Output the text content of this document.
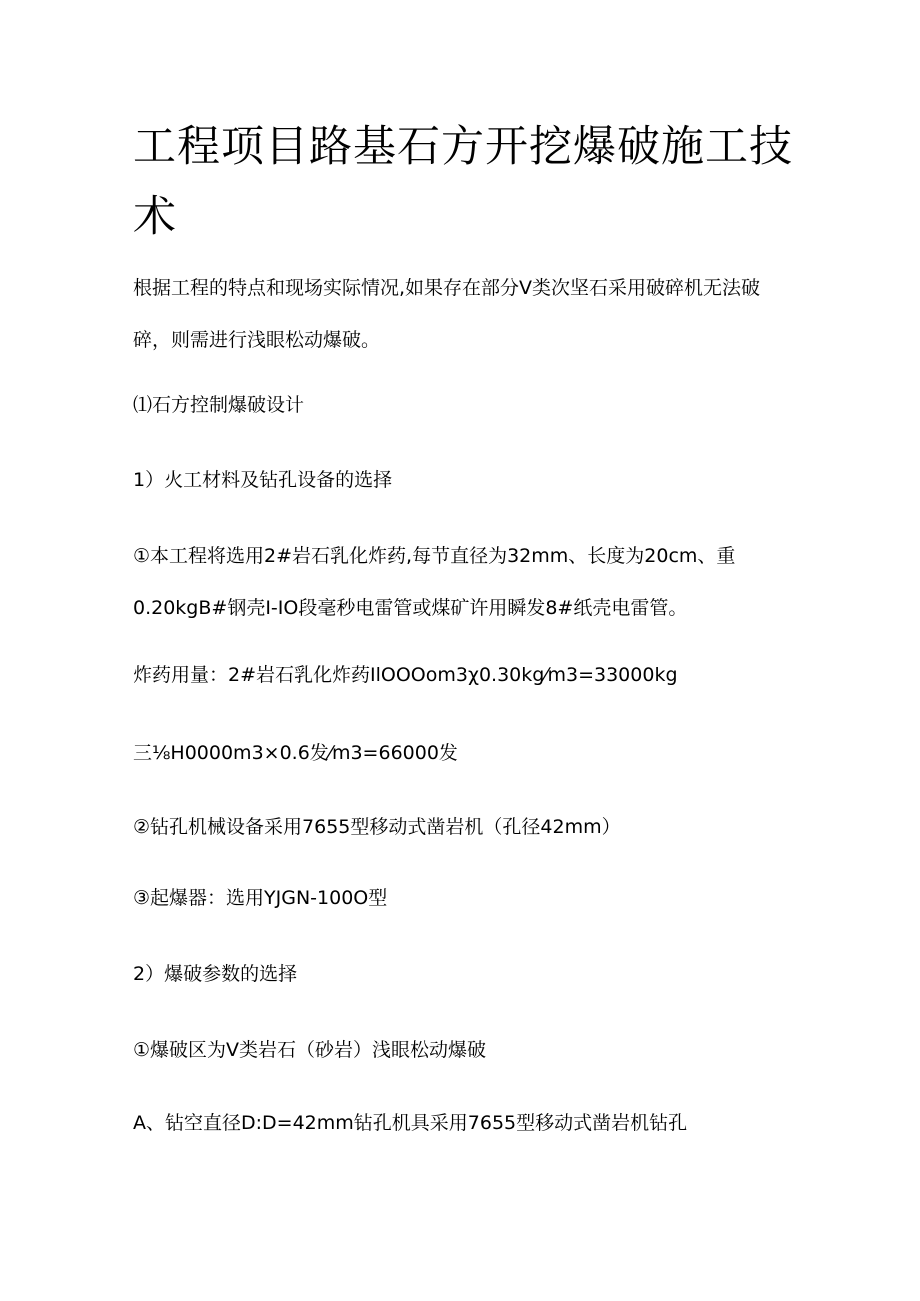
工程项目路基石方开挖爆破施工技术

根据工程的特点和现场实际情况,如果存在部分Ⅴ类次坚石采用破碎机无法破碎，则需进行浅眼松动爆破。

⑴石方控制爆破设计

1）火工材料及钻孔设备的选择

①本工程将选用2#岩石乳化炸药,每节直径为32mm、长度为20cm、重0.20kgB#钢壳I-IO段毫秒电雷管或煤矿许用瞬发8#纸壳电雷管。

炸药用量：2#岩石乳化炸药IlOOOom3χ0.30kg⁄m3=33000kg

三⅛H0000m3×0.6发⁄m3=66000发

②钻孔机械设备采用7655型移动式凿岩机（孔径42mm）

③起爆器：选用YJGN-100O型

2）爆破参数的选择

①爆破区为Ⅴ类岩石（砂岩）浅眼松动爆破

A、钻空直径D:D=42mm钻孔机具采用7655型移动式凿岩机钻孔
